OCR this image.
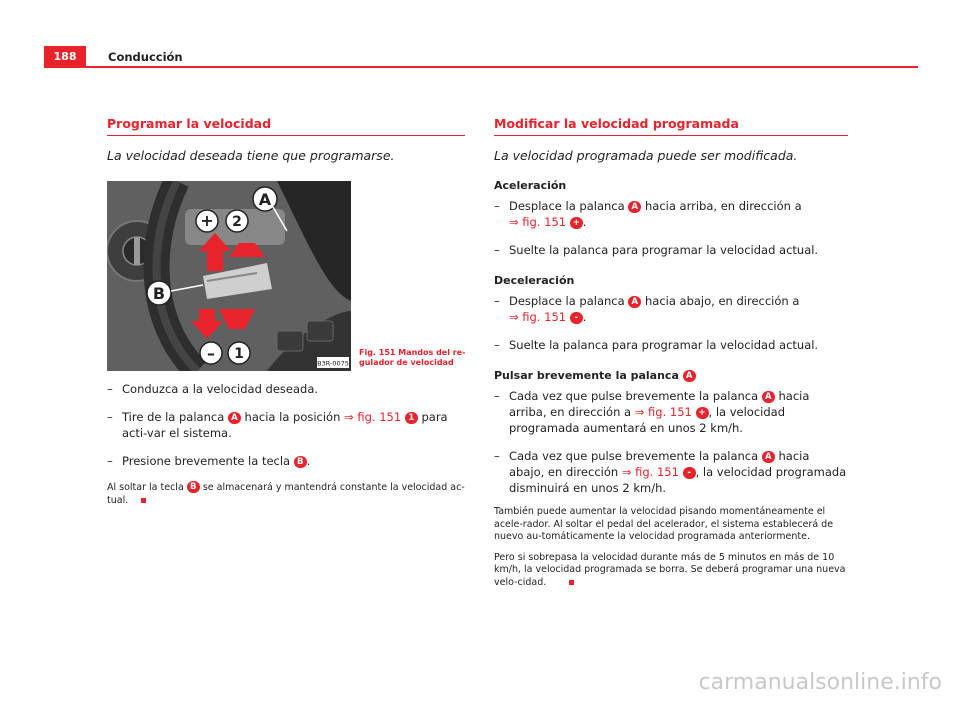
188	Conducción
Programar la velocidad

La velocidad deseada tiene que programarse.

+ 2
A
B
– 1
B3R-0075
Fig. 151 Mandos del re-gulador de velocidad
– Conduzca a la velocidad deseada.
– Tire de la palanca A hacia la posición ⇒ fig. 151 1 para acti-var el sistema.
– Presione brevemente la tecla B .
Al soltar la tecla B se almacenará y mantendrá constante la velocidad ac-tual.
Modificar la velocidad programada

La velocidad programada puede ser modificada.

Aceleración
– Desplace la palanca A hacia arriba, en dirección a
⇒ fig. 151 + .
– Suelte la palanca para programar la velocidad actual.
Deceleración
– Desplace la palanca A hacia abajo, en dirección a
⇒ fig. 151 - .
– Suelte la palanca para programar la velocidad actual.
Pulsar brevemente la palanca A
– Cada vez que pulse brevemente la palanca A hacia arriba, en dirección a ⇒ fig. 151 + , la velocidad programada aumentará en unos 2 km/h.
– Cada vez que pulse brevemente la palanca A hacia abajo, en dirección ⇒ fig. 151 - , la velocidad programada disminuirá en unos 2 km/h.
También puede aumentar la velocidad pisando momentáneamente el acele-rador. Al soltar el pedal del acelerador, el sistema establecerá de nuevo au-tomáticamente la velocidad programada anteriormente.
Pero si sobrepasa la velocidad durante más de 5 minutos en más de 10 km/h, la velocidad programada se borra. Se deberá programar una nueva velo-cidad.
carmanualsonline.info
